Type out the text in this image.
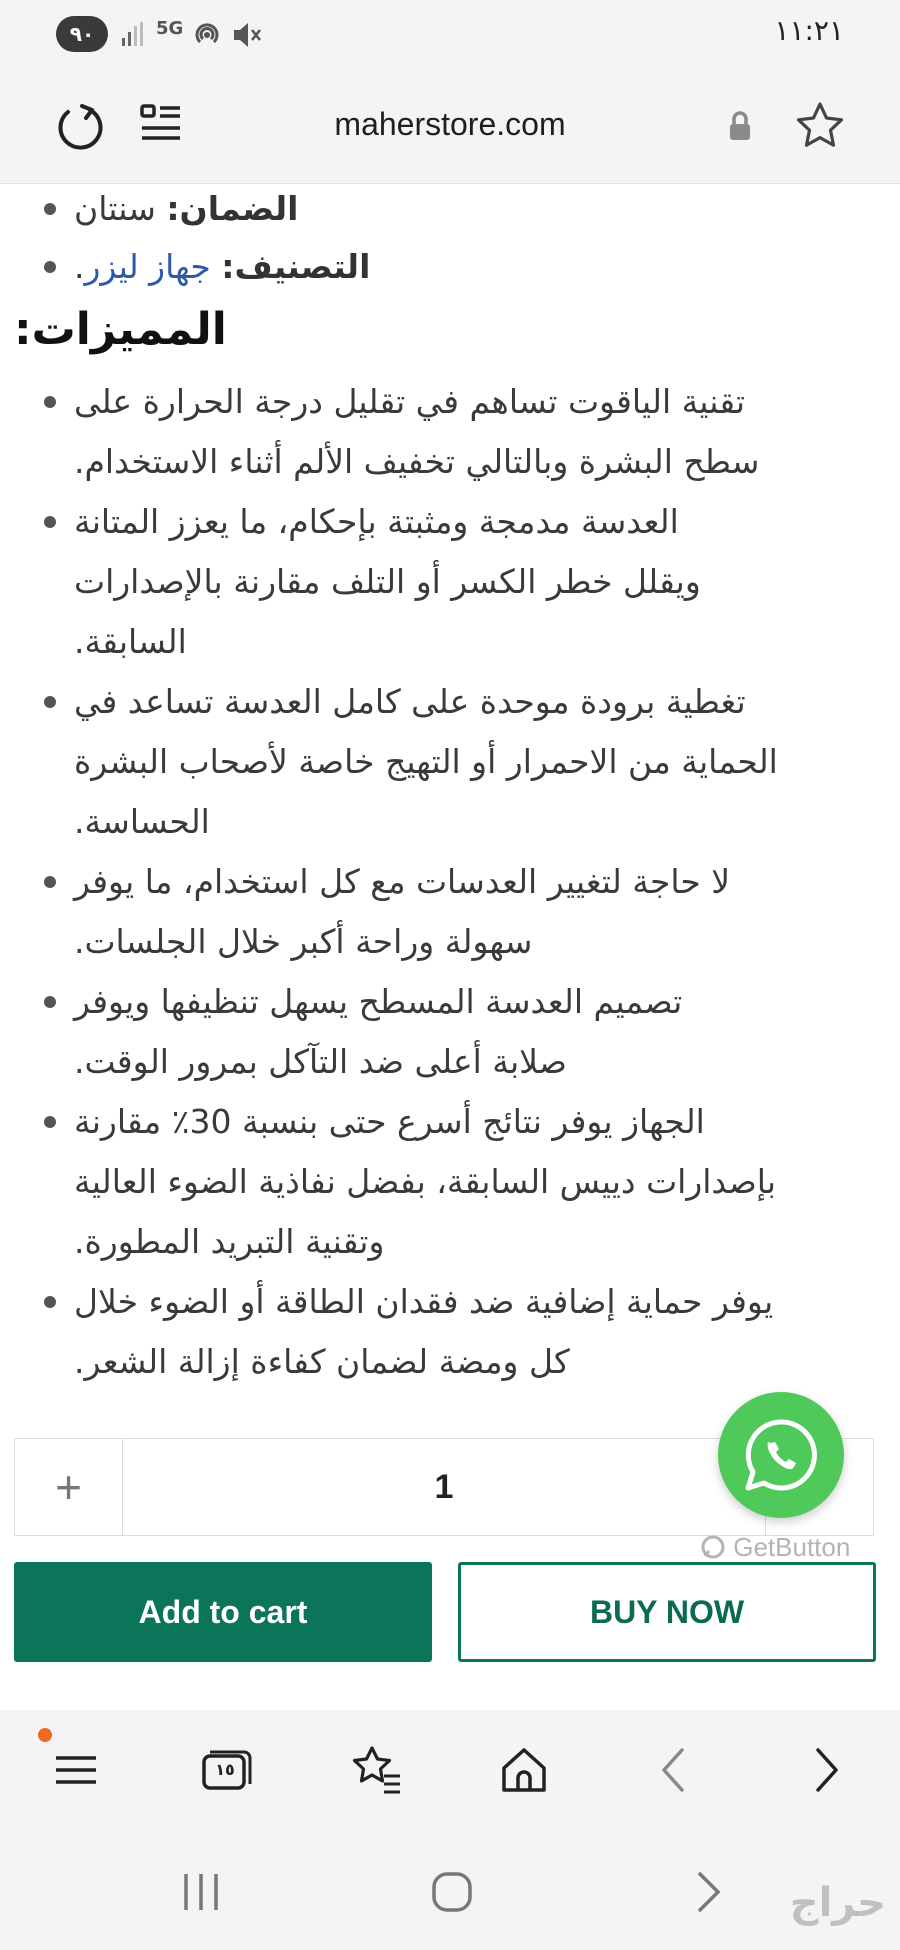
٩٠	5G	١١:٢١
maherstore.com
الضمان: سنتان
التصنيف: جهاز ليزر.
المميزات:
تقنية الياقوت تساهم في تقليل درجة الحرارة على
سطح البشرة وبالتالي تخفيف الألم أثناء الاستخدام.
العدسة مدمجة ومثبتة بإحكام، ما يعزز المتانة
ويقلل خطر الكسر أو التلف مقارنة بالإصدارات
السابقة.
تغطية برودة موحدة على كامل العدسة تساعد في
الحماية من الاحمرار أو التهيج خاصة لأصحاب البشرة
الحساسة.
لا حاجة لتغيير العدسات مع كل استخدام، ما يوفر
سهولة وراحة أكبر خلال الجلسات.
تصميم العدسة المسطح يسهل تنظيفها ويوفر
صلابة أعلى ضد التآكل بمرور الوقت.
الجهاز يوفر نتائج أسرع حتى بنسبة 30٪ مقارنة
بإصدارات دييس السابقة، بفضل نفاذية الضوء العالية
وتقنية التبريد المطورة.
يوفر حماية إضافية ضد فقدان الطاقة أو الضوء خلال
كل ومضة لضمان كفاءة إزالة الشعر.
+	1
GetButton
Add to cart	BUY NOW
١٥
حراج
